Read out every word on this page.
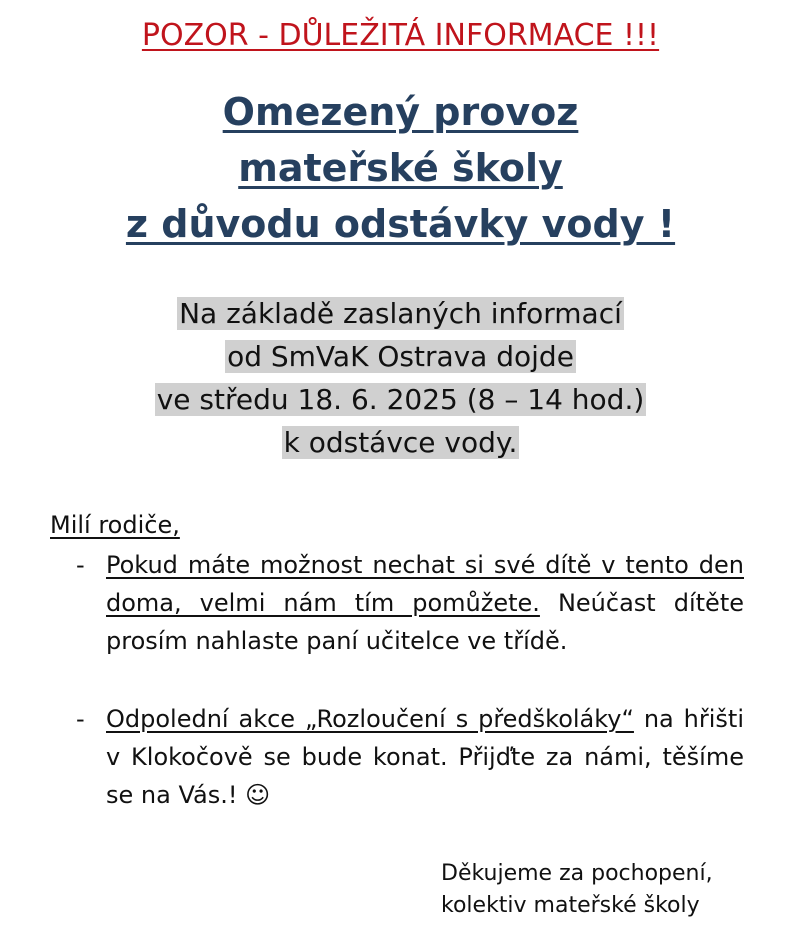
POZOR - DŮLEŽITÁ INFORMACE !!!
Omezený provoz
mateřské školy
z důvodu odstávky vody !
Na základě zaslaných informací
od SmVaK Ostrava dojde
ve středu 18. 6. 2025 (8 – 14 hod.)
k odstávce vody.
Milí rodiče,
- Pokud máte možnost nechat si své dítě v tento den doma, velmi nám tím pomůžete. Neúčast dítěte prosím nahlaste paní učitelce ve třídě.
- Odpolední akce „Rozloučení s předškoláky“ na hřišti v Klokočově se bude konat. Přijďte za námi, těšíme se na Vás.! ☺
Děkujeme za pochopení,
kolektiv mateřské školy
